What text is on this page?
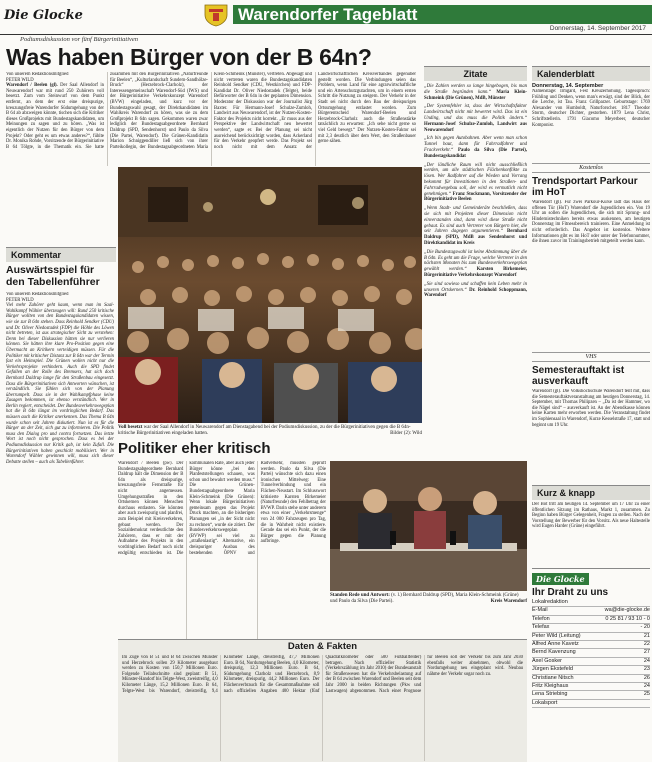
Die Glocke	Warendorfer Tageblatt
Donnerstag, 14. September 2017
Podiumsdiskussion vor fünf Bürgerinitiativen
Was haben Bürger von der B 64n?
Von unserem Redaktionsmitglied
PETER WILD
Warendorf / Beelen (gl). Der Saal Allendorf in Neuwarendorf war mit rund 250 Zuhörern voll besetzt. Zum vom Steinwurf von dem Punkt entfernt, an dem der erst eine dreispurige, kreuzungsfreie Warendorfer Südumgehung von der B 64 ab abzweigen könnte, tischen sich die Kritiker dieses Großprojekts mit Bundestagskandidaten, um Meinungen zu sagen und zu hören. „Was ist eigentlich der Nutzen für den Bürger von dem Projekt? Oder geht es um etwas anderes?“, fühlte Dr. Monika Rohde, Vorsitzende der Bürgerinitiative B 64 Tölgte, in die Thematik ein. Sie hatte zusammen mit den Bürgerinitiativen „Naturfreunde für Beelen“, „Kulturlandschaft Sundern-Sandhölze-Bruck“ (Herzebrock-Clarholz), der Interessengemeinschaft Warendorf-Süd (IWS) und der Bürgerinitiative Verkehrskonzept Warendorf (BVW) eingeladen, und kurz vor der Bundestagswahl gesagt, der Direktkandidaten im Wahlkreis Warendorf zu hören, was sie zu dem Großprojekt B 64n sagen. Gekommen waren zwar lediglich der Bundestagsabgeordnete Bernhard Daldrup (SPD, Sendenhorst) und Paulo da Silva (Die Partei, Warendorf). Die Grünen-Kandidatin Marion Schniggendiller ließ sich von ihrer Parteikollegin, der Bundestagsabgeordneten Maria Klein-Schmeink (Münster), vertreten. Abgesagt und nicht vertreten waren die Bundestagskandidaten Reinhold Sendker (CDU, Westkirchen) und FDP-Kandidat Dr. Oliver Niedostadek (Telgte), beide Befürworter der B 64n in der geplanten Dimension. Moderator der Diskussion war der Journalist Jürg Baxter. Für Hermann-Josef Schulze-Zumloh, Landwirt aus Neuwarendorf, ist der Nutzen-Kosten-Faktor des Projekts nicht korrekt. „Er muss aus der Perspektive der Landwirtschaft neu bewertet werden“, sagte er. Bei der Planung sei nicht ausreichend berücksichtigt worden, dass Ackerland für den Verkehr geopfert werde. Das Projekt sei noch nicht mit dem Ansatz der Landwirtschaftlichen Kreisverbandes gegenüber gestellt worden. Die Verbindungen seien das Problem, wenn Land für eine agrarwirtschaftliche und ein Artenschutzgutachten, um in einem ersten Schritt die Nutzung zu steigern. Der Verkehr in der Stadt sei nicht durch den Bau der dreispurigen Ortsumgehung entlastet worden. Zum Bürgerentscheid Warendorf-Beelen und Herzebrock-Clarholz auch die Straßenstärke tatsächlich zu erwarten: „Ich sehe nicht gerne so viel Geld bewegt.“ Der Nutzen-Kosten-Faktor sei mit 2,3 deutlich über dem Wert, den Straßenbauer gerne sähen.
Zitate

„Die Zahlen werden so lange hingebogen, bis man die Straße begründen kann.“ Maria Klein-Schmeink (Die Grünen), MdB, Münster

„Der Systemfehler ist, dass der Wirtschaftsfaktor Landwirtschaft nicht mit bewertet wird. Das ist ein Unding, und das muss die Politik ändern.“ Hermann-Josef Schulze-Zumloh, Landwirt aus Neuwarendorf

„Ich bin gegen Autobahnen. Aber wenn man schon Tunnel baut, dann für Fahrradfahrer und Frackverkehr.“ Paulo da Silva (Die Partei), Bundestagskandidat

„Der ländliche Raum will nicht ausschließlich werden, um alle städtischen Flächenkonflikte zu lösen. Wer Radfahrer auf die Wieden und Vorrang bekommt für Investitionen in den Straßen- und Fahrradwegebau soll, der wird es vermutlich nicht genehmigen.“ Franz Stockmann, Vorsitzender der Bürgerinitiative Beelen

„Wenn Stadt- und Gemeinderäte beschließen, dass sie sich mit Projekten dieser Dimension nicht einverstanden sind, dann wird diese Straße nicht gebaut. Es sind auch Vertreter von Bürgern hier, die seit Jahren dagegen argumentieren.“ Bernhard Daldrup (SPD), MdB aus Sendenhorst und Direktkandidat im Kreis

„Die Bundestagswahl ist keine Abstimmung über die B 64n. Es geht um die Frage, welche Vertreter in den nächsten Monaten bis zum Bundesverkehrswegeplan gewählt werden.“ Karsten Birkemeier, Bürgerinitiative Verkehrskonzept Warendorf

„Sie sind sowieso und schaffen kein Leben mehr in unseren Ortskernen.“ Dr. Reinhold Schoppmann, Warendorf

Kommentar
Auswärtsspiel für den Tabellenführer
Von unserem Redaktionsmitglied
PETER WILD
Viel mehr Zuhörer geht kaum, wenn man im Saal-Wahlkampf Wähler überzeugen will: Rund 250 kritische Bürger wollten von den Bundestagskandidaten wissen, wie sie zur B 64n stehen. Dass Reinhold Sendker (CDU) und Dr. Oliver Niedostadek (FDP) die Höhle des Löwen nicht betreten, ist aus strategischer Sicht zu verstehen: Denn bei dieser Diskussion hätten sie nur verlieren können. Sie hätten ihre klare Pro-Position gegen eine Übermacht an Kritikern verteidigen müssen. Für die Politiker mit kritischer Distanz zur B 64n war der Termin fast ein Heimspiel. Die Grünen wollen nicht nur die Verkehrsprojekte verhindern. Auch die SPD findet Gefallen an der Rolle des Bremsers, hat sich doch Bernhard Daldrup lange für den Straßenbau eingesetzt. Dass die Bürgerinitiativen sich Antworten wünschen, ist verständlich. Sie fühlen sich von der Planung überrumpelt. Dass sie in der Wahlkampfphase keine Zusagen bekommen, ist ebenso verständlich. Wer in Berlin regiert, entscheidet. Der Bundesverkehrswegeplan hat die B 64n längst im vordringlichen Bedarf. Das müssen auch die Kritiker anerkennen. Das Thema B 64n wurde schon seit Jahren diskutiert. Nun ist es für die Bürger an der Zeit, sich gut zu informieren. Die Politik muss den Dialog pro und contra fortsetzen. Das letzte Wort ist noch nicht gesprochen. Dass es bei der Podiumsdiskussion nur Kritik gab, ist kein Zufall. Die Bürgerinitiativen haben geschickt mobilisiert. Wer in Warendorf Wähler gewinnen will, muss sich dieser Debatte stellen – auch als Tabellenführer.
Voll besetzt war der Saal Allendorf in Neuwarendorf am Dienstagabend bei der Podiumsdiskussion, zu der die Bürgerinitiativen gegen die B 64n-kritische Bürgerinitiativen eingeladen hatten.	Bilder (2): Wild
Politiker eher kritisch
Warendorf / Beelen (pw). Der Bundestagsabgeordnete Bernhard Daldrup hält die Dimension der B 64n als dreispurige, kreuzungsfreie Fernstraße für nicht angemessen. Umgehungsstraßen in den Ortskernen können Menschen durchaus entlasten. Sie könnten aber auch zweispurig und planfrei, zum Beispiel mit Kreisverkehren, gebaut werden. Der Sozialdemokrat verdeutlichte den Zuhörern, dass er mit der Aufnahme des Projekts in den vordringlichen Bedarf noch nicht endgültig entschieden ist. Die kommunalen Räte, aber auch jeder Bürger könne „bei den Planfeststellungen schauen, was schon und bewahrt werden muss.“ Die Grünen-Bundestagsabgeordnete Maria Klein-Schmeink (Die Grünen): Wenn lokale Bürgerinitiativen gemeinsam gegen das Projekt Druck machten, an die bisherigen Planungen sei „in der Sicht nicht zu rechnen“, wurde sie zitiert. Der Bundesverkehrswegeplan (BVWP) sei viel zu „straßenlastig“. Alternative, ein dreispuriger Ausbau des bestehenden ÖPNV und Radverkehr, müssten geprüft werden. Paulo da Silva (Die Partei) wünschte sich dazu einen ironischen Mittelweg: Eine Tunnelverbindung und ein Flächen-Neustart. Im Schlusswort kritisierte Karsten Birkemeier (Naturfreunde) den Fehlbetrag der BVWP. Darin stehe unter anderem etwa von einer „Verkehrsmenge“ von 24 000 Fahrzeugen pro Tag, die in Wahrheit nicht existiere. Gerade das sei ein Punkt, der die Bürger gegen die Planung aufbringe.
Standen Rede und Antwort: (v. l.) Bernhard Daldrup (SPD), Maria Klein-Schmeink (Grüne) und Paulo da Silva (Die Partei).	Kreis Warendorf
Daten & Fakten
Im Zuge von B 51 und B 64 zwischen Münster und Herzebrock sollen 29 Kilometer ausgebaut werden zu Kosten von 150,7 Millionen Euro. Folgende Teilabschnitte sind geplant: B 51, Münster-Handorf bis Telgte-West, zweistreifig, 4,0 Kilometer Länge, 15,2 Millionen Euro. B 64, Telgte-West bis Warendorf, dreistreifig, 9,4 Kilometer Länge, dreistreifig, 47,7 Millionen Euro. B 64, Nordumgehung Beelen, 4,0 Kilometer, dreispurig, 12,3 Millionen Euro. B 64, Südumgehung Clarholz und Herzebrock, 8,9 Kilometer, dreispurig, 44,2 Millionen Euro. Der Flächenverbrauch für die Gesamtmaßnahme soll nach offiziellen Angaben 400 Hektar (fünf Quadratkilometer oder 500 Fußballfelder) betragen. Nach offizieller Statistik (Verkehrszählung im Jahr 2010) der Bundesanstalt für Straßenwesen hat die Verkehrsbelastung auf der B 64 zwischen Warendorf und Beelen seit dem Jahr 2000 in beiden Richtungen (Pkw und Lastwagen) abgenommen. Nach einer Prognose für Beelen soll der Verkehr bis zum Jahr 2030 ebenfalls weiter abnehmen, obwohl die Nordumgehung neu eingeplant wird. Neubau nähme der Verkehr sogar noch zu.
Kalenderblatt
Donnerstag, 14. September
Namenstage: Irmgard, Fest Kreuzerhöhung. Tagesspruch: Frühling und Denken, wenn man's erwägt, sind der Blick, der die Lerche, ist Tau. Franz Grillparzer. Geburtstage: 1769 Alexander von Humboldt, Naturforscher. 1817 Theodor Storm, deutscher Dichter, gestorben. 1879 Lena Christ, Schriftstellerin. 1791 Giacomo Meyerbeer, deutscher Komponist.
Kostenlos
Trendsportart Parkour im HoT
Warendorf (gl). Für zwei Parkour-Kurse lädt das Haus der offenen Tür (HoT) Warendorf die Jugendlichen ein. Von 19 Uhr an sollen die Jugendlichen, die sich mit Sprung- und Hindernistechniken bereits etwas auskennen, am heutigen Donnerstag im Fitnessbereich trainieren. Eine Anmeldung ist nicht erforderlich. Das Angebot ist kostenlos. Weitere Informationen gibt es im HoT oder unter der Telefonnummer, die ihnen zuvor im Trainingsbetrieb mitgeteilt werden kann.
VHS
Semesterauftakt ist ausverkauft
Warendorf (gl). Die Volkshochschule Warendorf teilt mit, dass die Semesterauftaktveranstaltung am heutigen Donnerstag, 14. September, mit Thomas Philipzen – „Da ist der Hammer, wo die Nägel sind“ – ausverkauft ist. An der Abendkasse können keine Karten mehr erworben werden. Die Veranstaltung findet im Sophiensaal in Warendorf, Kurze Kesselstraße 17, statt und beginnt um 19 Uhr.
Kurz & knapp
Der Bot tritt am heutigen 14. September um 17 Uhr zu einer öffentlichen Sitzung im Rathaus, Markt 1, zusammen. Zu Beginn haben Bürger Gelegenheit, Fragen zu stellen. Nach der Vorstellung der Bewerber für den Vorsitz. Als neue Haltestelle wird Eugen Harder (Grüne) eingeführt.
Die Glocke
Ihr Draht zu uns
Lokalredaktion
E-Mail	wa@die-glocke.de
Telefon	0 25 81 / 93 10 - 0
Telefax	- 20
Peter Wild (Leitung)	21
Alfred Anne Kavetz	22
Bernd Kavenzung	27
Axel Gosker	24
Jürgen Ekstefeld	23
Christiane Nitsch	26
Fritz Kleighaus	24
Lena Striebing	25
Lokalsport
